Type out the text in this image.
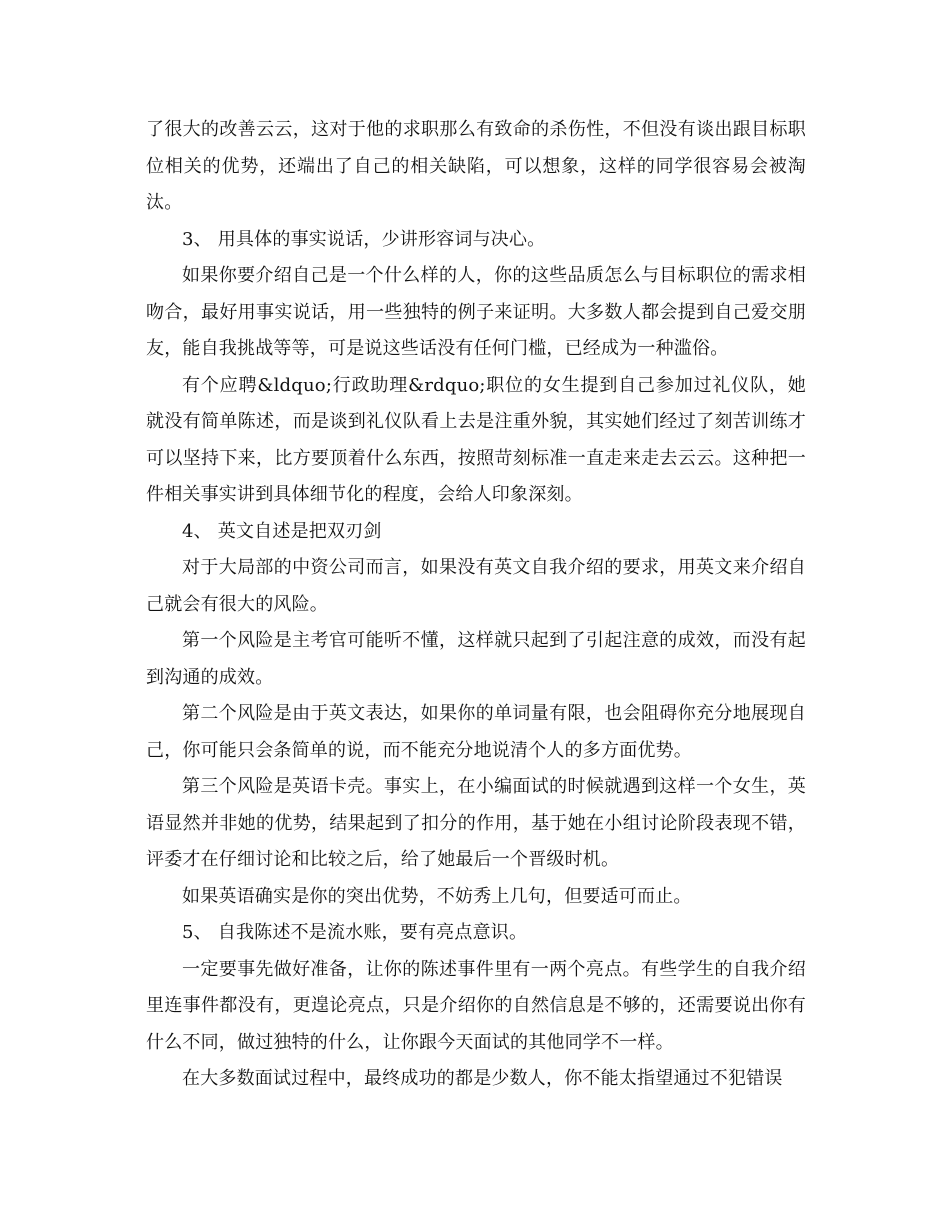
了很大的改善云云，这对于他的求职那么有致命的杀伤性，不但没有谈出跟目标职位相关的优势，还端出了自己的相关缺陷，可以想象，这样的同学很容易会被淘汰。

3、 用具体的事实说话，少讲形容词与决心。

如果你要介绍自己是一个什么样的人，你的这些品质怎么与目标职位的需求相吻合，最好用事实说话，用一些独特的例子来证明。大多数人都会提到自己爱交朋友，能自我挑战等等，可是说这些话没有任何门槛，已经成为一种滥俗。

有个应聘&ldquo;行政助理&rdquo;职位的女生提到自己参加过礼仪队，她就没有简单陈述，而是谈到礼仪队看上去是注重外貌，其实她们经过了刻苦训练才可以坚持下来，比方要顶着什么东西，按照苛刻标准一直走来走去云云。这种把一件相关事实讲到具体细节化的程度，会给人印象深刻。

4、 英文自述是把双刃剑

对于大局部的中资公司而言，如果没有英文自我介绍的要求，用英文来介绍自己就会有很大的风险。

第一个风险是主考官可能听不懂，这样就只起到了引起注意的成效，而没有起到沟通的成效。

第二个风险是由于英文表达，如果你的单词量有限，也会阻碍你充分地展现自己，你可能只会条简单的说，而不能充分地说清个人的多方面优势。

第三个风险是英语卡壳。事实上，在小编面试的时候就遇到这样一个女生，英语显然并非她的优势，结果起到了扣分的作用，基于她在小组讨论阶段表现不错，评委才在仔细讨论和比较之后，给了她最后一个晋级时机。

如果英语确实是你的突出优势，不妨秀上几句，但要适可而止。

5、 自我陈述不是流水账，要有亮点意识。

一定要事先做好准备，让你的陈述事件里有一两个亮点。有些学生的自我介绍里连事件都没有，更遑论亮点，只是介绍你的自然信息是不够的，还需要说出你有什么不同，做过独特的什么，让你跟今天面试的其他同学不一样。

在大多数面试过程中，最终成功的都是少数人，你不能太指望通过不犯错误
